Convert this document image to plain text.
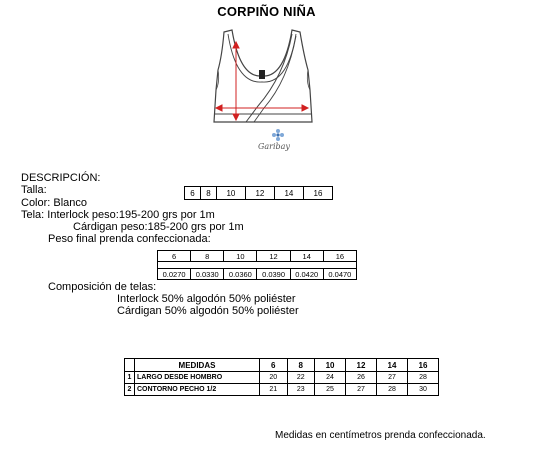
CORPIÑO NIÑA
Garibay
DESCRIPCIÓN:
Talla:	6	8	10	12	14	16
Color: Blanco
Tela: Interlock peso:195-200 grs por 1m
Cárdigan peso:185-200 grs por 1m
Peso final prenda confeccionada:
6	8	10	12	14	16

0.0270	0.0330	0.0360	0.0390	0.0420	0.0470
Composición de telas:
Interlock 50% algodón 50% poliéster
Cárdigan 50% algodón 50% poliéster
	MEDIDAS	6	8	10	12	14	16
1	LARGO DESDE HOMBRO	20	22	24	26	27	28
2	CONTORNO PECHO 1/2	21	23	25	27	28	30
Medidas en centímetros prenda confeccionada.
